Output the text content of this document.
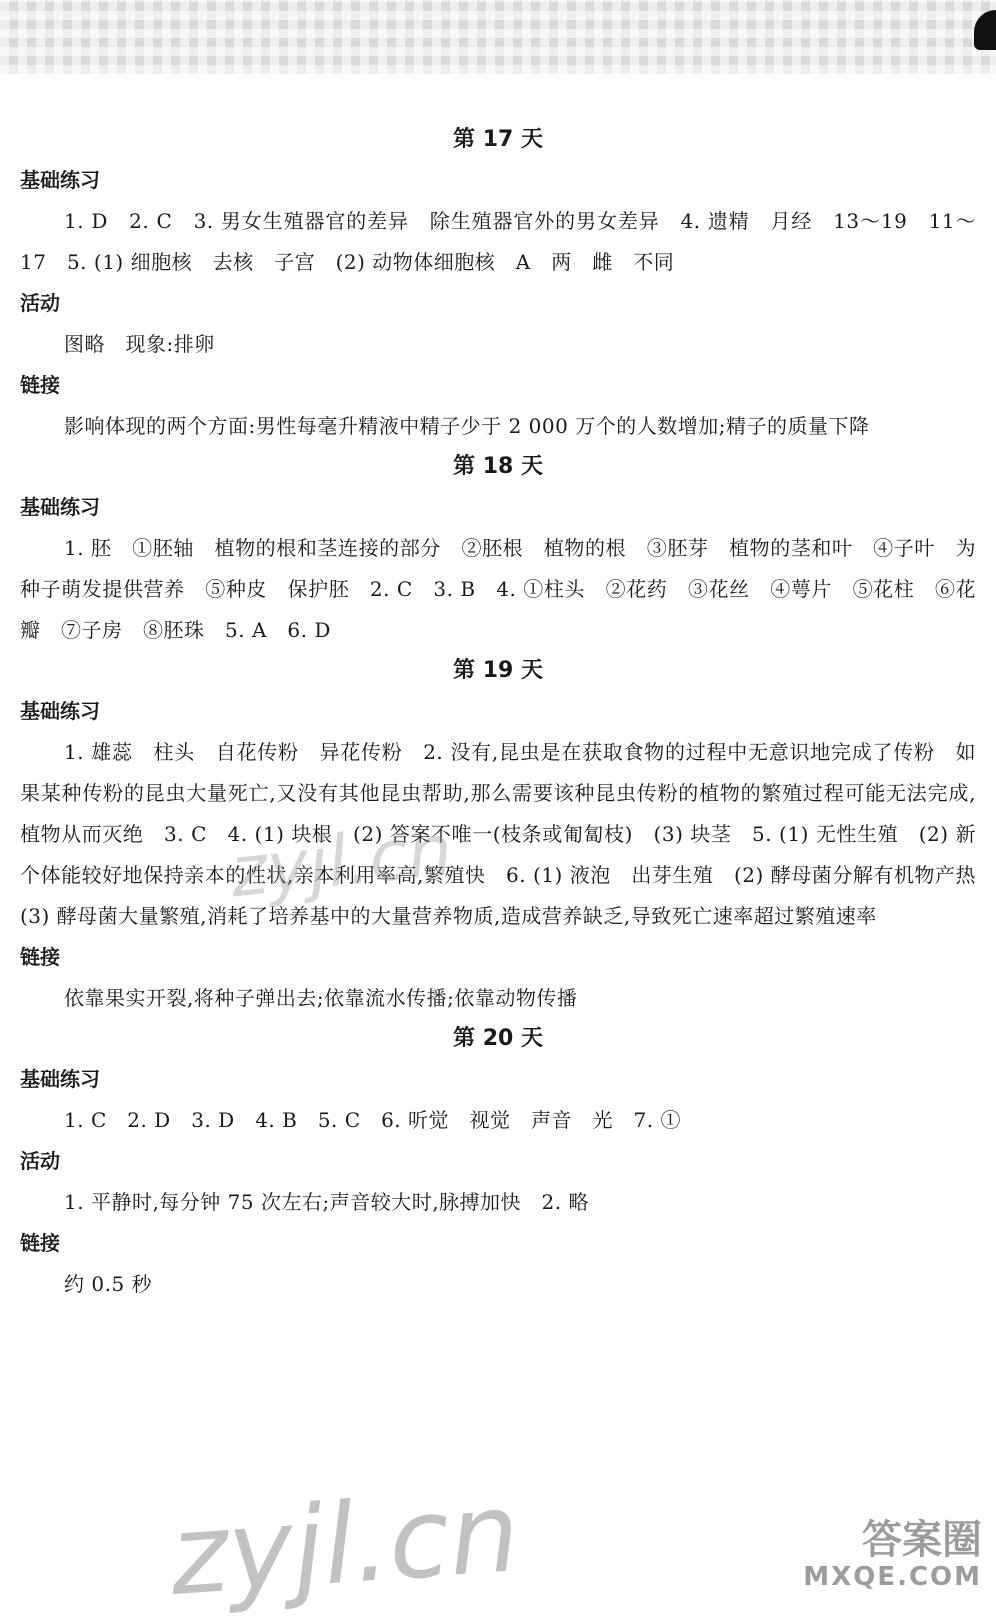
第 17 天
基础练习

1. D　2. C　3. 男女生殖器官的差异　除生殖器官外的男女差异　4. 遗精　月经　13～19　11～17　5. (1) 细胞核　去核　子宫　(2) 动物体细胞核　A　两　雌　不同

活动

图略　现象:排卵

链接

影响体现的两个方面:男性每毫升精液中精子少于 2 000 万个的人数增加;精子的质量下降

第 18 天
基础练习

1. 胚　①胚轴　植物的根和茎连接的部分　②胚根　植物的根　③胚芽　植物的茎和叶　④子叶　为种子萌发提供营养　⑤种皮　保护胚　2. C　3. B　4. ①柱头　②花药　③花丝　④萼片　⑤花柱　⑥花瓣　⑦子房　⑧胚珠　5. A　6. D

第 19 天
基础练习

1. 雄蕊　柱头　自花传粉　异花传粉　2. 没有,昆虫是在获取食物的过程中无意识地完成了传粉　如果某种传粉的昆虫大量死亡,又没有其他昆虫帮助,那么需要该种昆虫传粉的植物的繁殖过程可能无法完成,植物从而灭绝　3. C　4. (1) 块根　(2) 答案不唯一(枝条或匍匐枝)　(3) 块茎　5. (1) 无性生殖　(2) 新个体能较好地保持亲本的性状,亲本利用率高,繁殖快　6. (1) 液泡　出芽生殖　(2) 酵母菌分解有机物产热　(3) 酵母菌大量繁殖,消耗了培养基中的大量营养物质,造成营养缺乏,导致死亡速率超过繁殖速率

链接

依靠果实开裂,将种子弹出去;依靠流水传播;依靠动物传播

第 20 天
基础练习

1. C　2. D　3. D　4. B　5. C　6. 听觉　视觉　声音　光　7. ①

活动

1. 平静时,每分钟 75 次左右;声音较大时,脉搏加快　2. 略

链接

约 0.5 秒

zyjl.cn
zyjl.cn	答案圈
MXQE.COM
